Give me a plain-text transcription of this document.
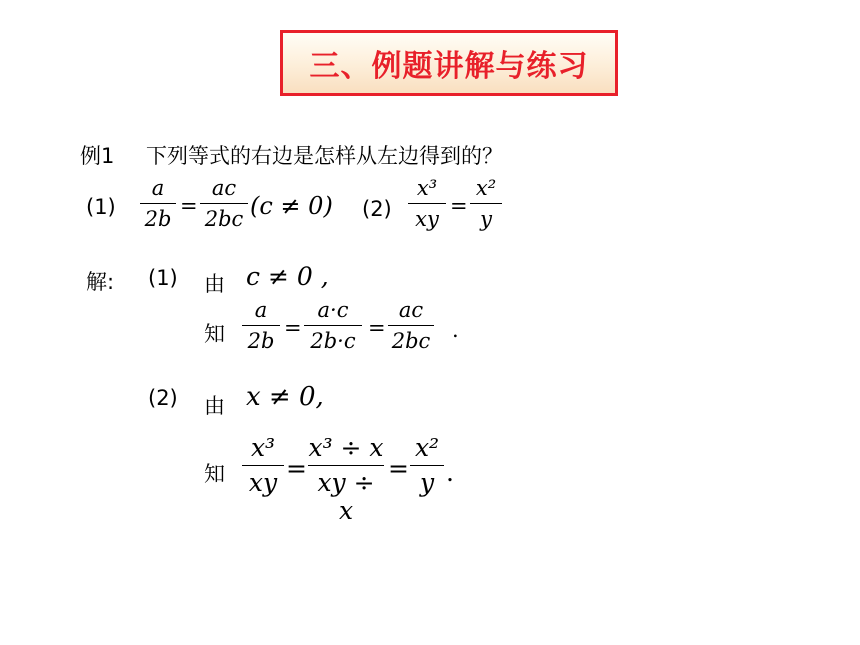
三、例题讲解与练习
例1 下列等式的右边是怎样从左边得到的？
(1)
a
2b
=
ac
2bc (c ≠ 0) (2)
x³
xy
=
x²
y
解: (1) 由 c ≠ 0 ,
知
a
2b
=
a·c
2b·c
=
ac
2bc .
(2) 由 x ≠ 0,
知
x³
xy =
x³ ÷ x
xy ÷ x
=
x²
y .
